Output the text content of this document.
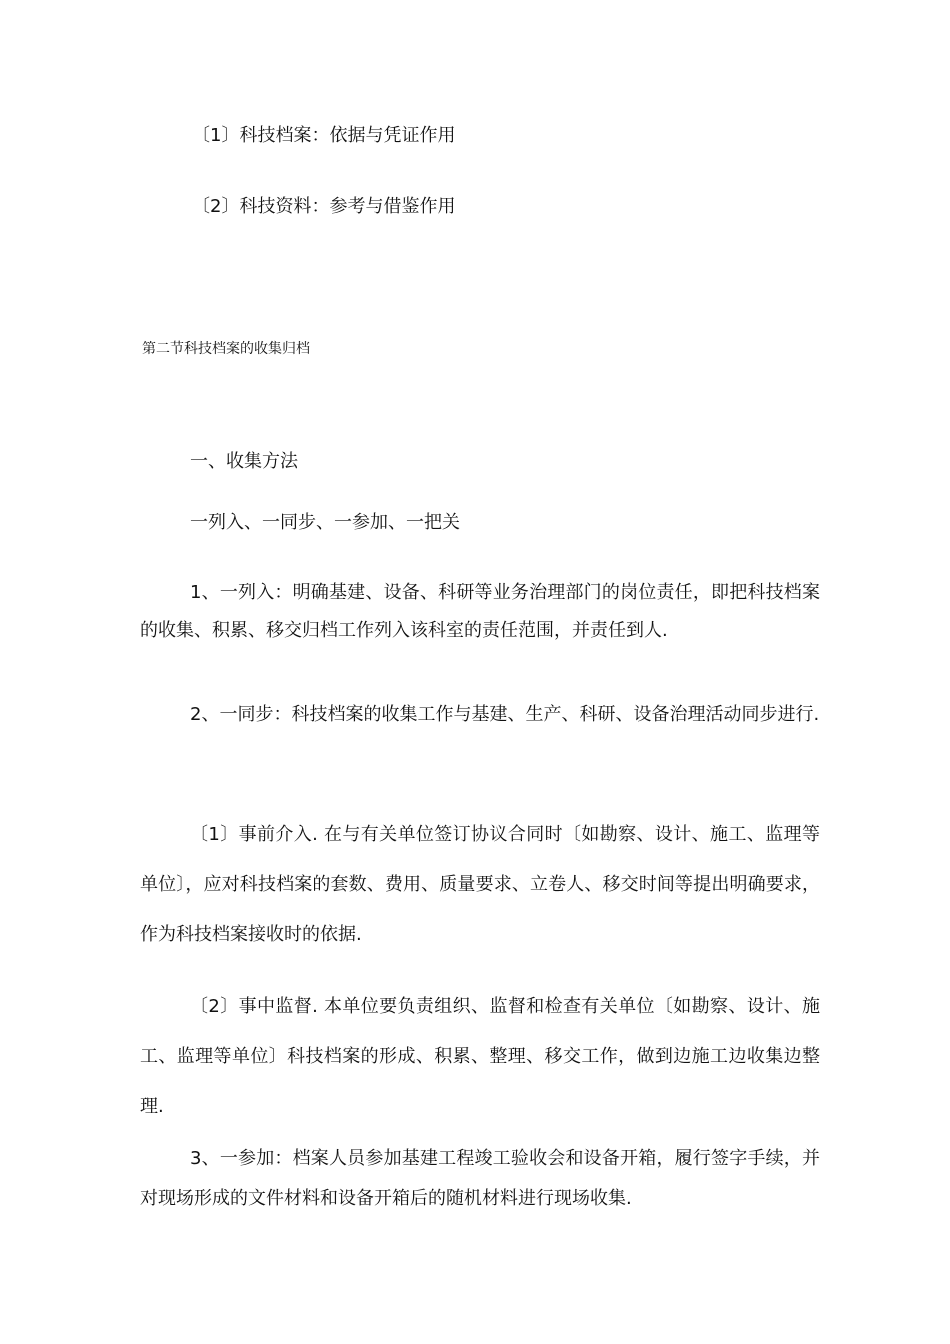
〔1〕科技档案：依据与凭证作用
〔2〕科技资料：参考与借鉴作用
第二节科技档案的收集归档
一、收集方法
一列入、一同步、一参加、一把关
1、一列入：明确基建、设备、科研等业务治理部门的岗位责任，即把科技档案的收集、积累、移交归档工作列入该科室的责任范围，并责任到人.
2、一同步：科技档案的收集工作与基建、生产、科研、设备治理活动同步进行.
〔1〕事前介入. 在与有关单位签订协议合同时〔如勘察、设计、施工、监理等单位〕，应对科技档案的套数、费用、质量要求、立卷人、移交时间等提出明确要求，作为科技档案接收时的依据.
〔2〕事中监督. 本单位要负责组织、监督和检查有关单位〔如勘察、设计、施工、监理等单位〕科技档案的形成、积累、整理、移交工作，做到边施工边收集边整理.
3、一参加：档案人员参加基建工程竣工验收会和设备开箱，履行签字手续，并对现场形成的文件材料和设备开箱后的随机材料进行现场收集.
